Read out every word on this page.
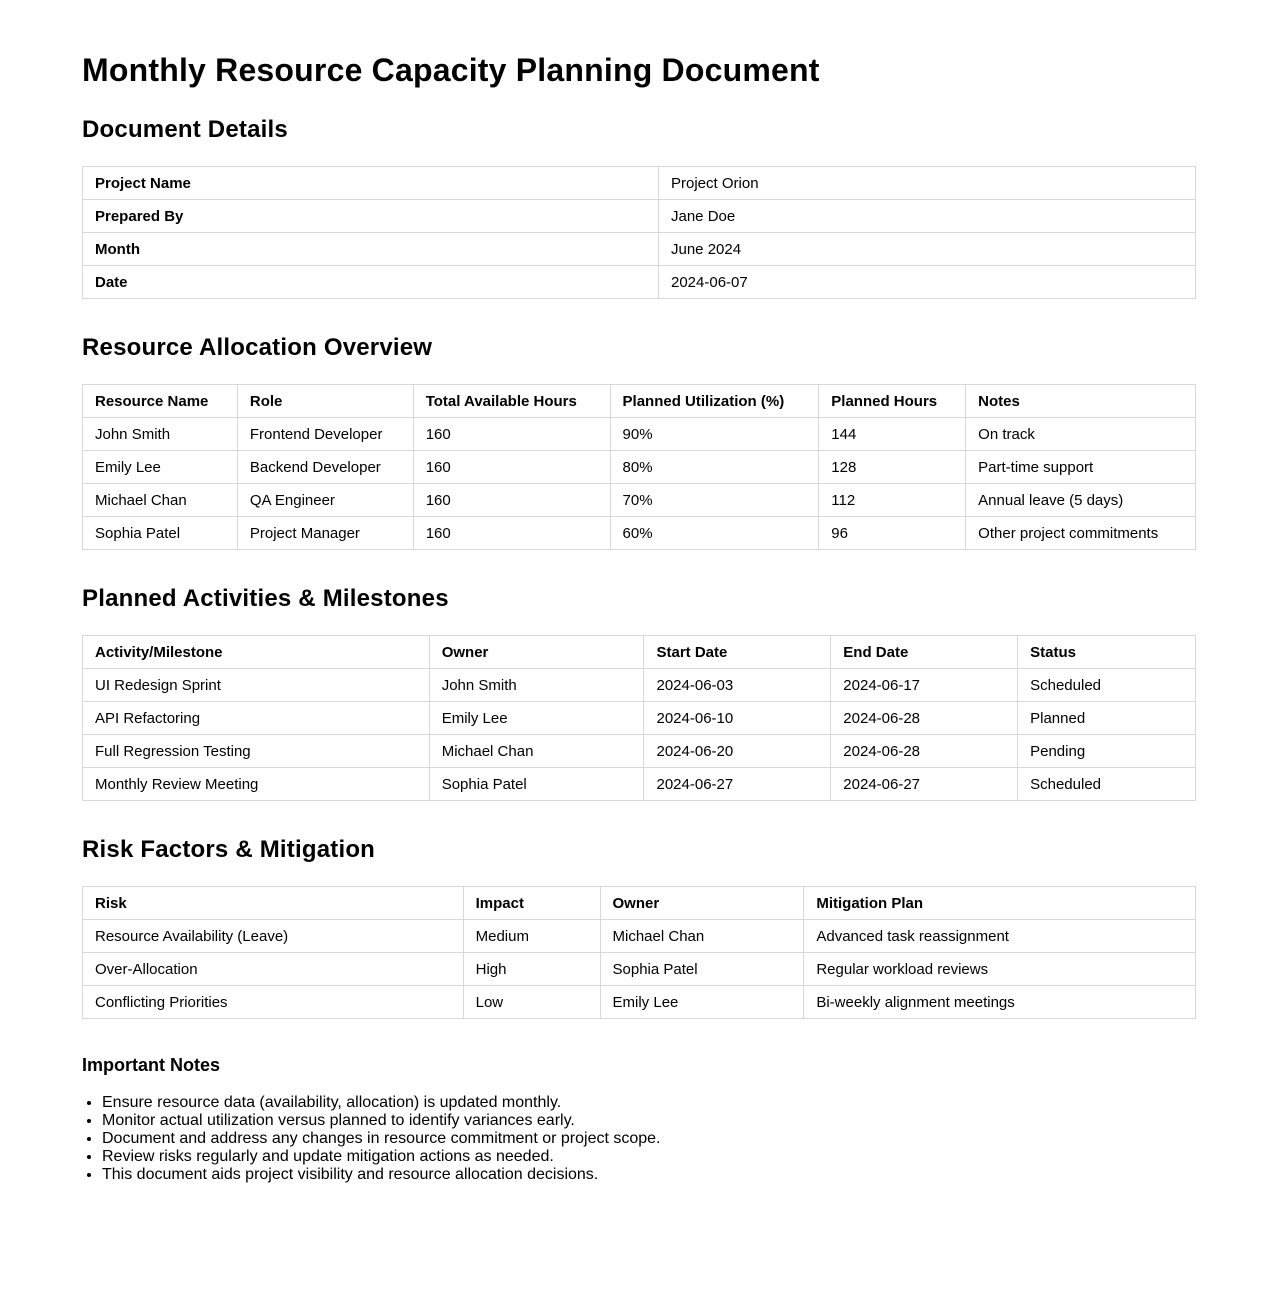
Monthly Resource Capacity Planning Document
Document Details
Project Name	Project Orion
Prepared By	Jane Doe
Month	June 2024
Date	2024-06-07
Resource Allocation Overview
Resource Name	Role	Total Available Hours	Planned Utilization (%)	Planned Hours	Notes
John Smith	Frontend Developer	160	90%	144	On track
Emily Lee	Backend Developer	160	80%	128	Part-time support
Michael Chan	QA Engineer	160	70%	112	Annual leave (5 days)
Sophia Patel	Project Manager	160	60%	96	Other project commitments
Planned Activities & Milestones
Activity/Milestone	Owner	Start Date	End Date	Status
UI Redesign Sprint	John Smith	2024-06-03	2024-06-17	Scheduled
API Refactoring	Emily Lee	2024-06-10	2024-06-28	Planned
Full Regression Testing	Michael Chan	2024-06-20	2024-06-28	Pending
Monthly Review Meeting	Sophia Patel	2024-06-27	2024-06-27	Scheduled
Risk Factors & Mitigation
Risk	Impact	Owner	Mitigation Plan
Resource Availability (Leave)	Medium	Michael Chan	Advanced task reassignment
Over-Allocation	High	Sophia Patel	Regular workload reviews
Conflicting Priorities	Low	Emily Lee	Bi-weekly alignment meetings
Important Notes
• Ensure resource data (availability, allocation) is updated monthly.
• Monitor actual utilization versus planned to identify variances early.
• Document and address any changes in resource commitment or project scope.
• Review risks regularly and update mitigation actions as needed.
• This document aids project visibility and resource allocation decisions.
